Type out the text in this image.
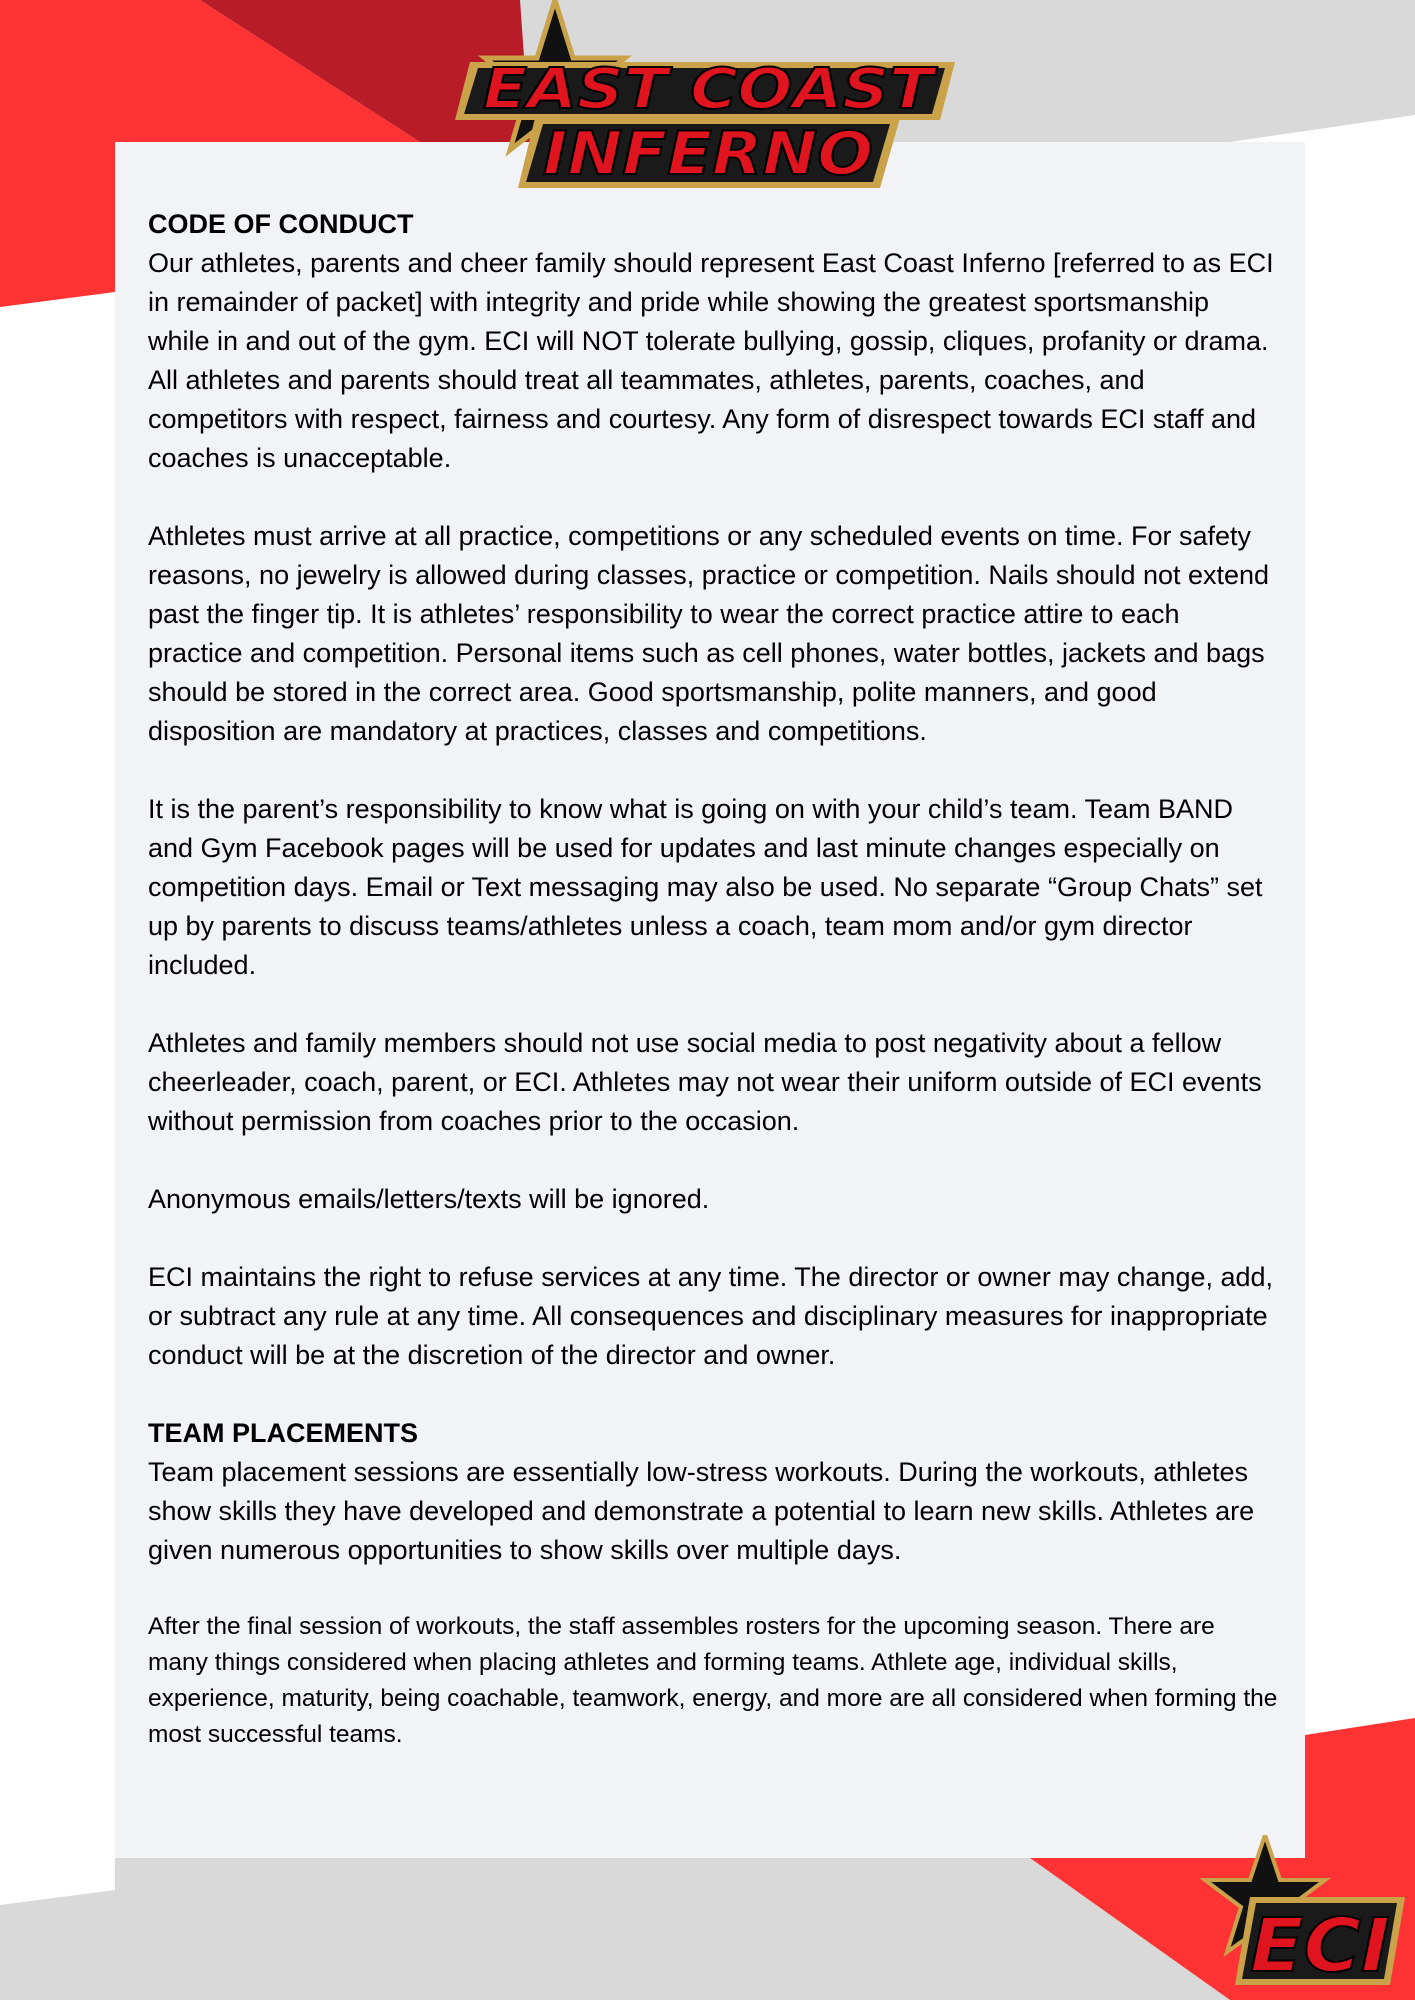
EAST COAST
INFERNO

CODE OF CONDUCT

Our athletes, parents and cheer family should represent East Coast Inferno [referred to as ECI in remainder of packet] with integrity and pride while showing the greatest sportsmanship while in and out of the gym. ECI will NOT tolerate bullying, gossip, cliques, profanity or drama. All athletes and parents should treat all teammates, athletes, parents, coaches, and competitors with respect, fairness and courtesy. Any form of disrespect towards ECI staff and coaches is unacceptable.

Athletes must arrive at all practice, competitions or any scheduled events on time. For safety reasons, no jewelry is allowed during classes, practice or competition. Nails should not extend past the finger tip. It is athletes’ responsibility to wear the correct practice attire to each practice and competition. Personal items such as cell phones, water bottles, jackets and bags should be stored in the correct area. Good sportsmanship, polite manners, and good disposition are mandatory at practices, classes and competitions.

It is the parent’s responsibility to know what is going on with your child’s team. Team BAND and Gym Facebook pages will be used for updates and last minute changes especially on competition days. Email or Text messaging may also be used. No separate “Group Chats” set up by parents to discuss teams/athletes unless a coach, team mom and/or gym director included.

Athletes and family members should not use social media to post negativity about a fellow cheerleader, coach, parent, or ECI. Athletes may not wear their uniform outside of ECI events without permission from coaches prior to the occasion.

Anonymous emails/letters/texts will be ignored.

ECI maintains the right to refuse services at any time. The director or owner may change, add, or subtract any rule at any time. All consequences and disciplinary measures for inappropriate conduct will be at the discretion of the director and owner.

TEAM PLACEMENTS

Team placement sessions are essentially low-stress workouts. During the workouts, athletes show skills they have developed and demonstrate a potential to learn new skills. Athletes are given numerous opportunities to show skills over multiple days.

After the final session of workouts, the staff assembles rosters for the upcoming season. There are many things considered when placing athletes and forming teams. Athlete age, individual skills, experience, maturity, being coachable, teamwork, energy, and more are all considered when forming the most successful teams.

ECI
